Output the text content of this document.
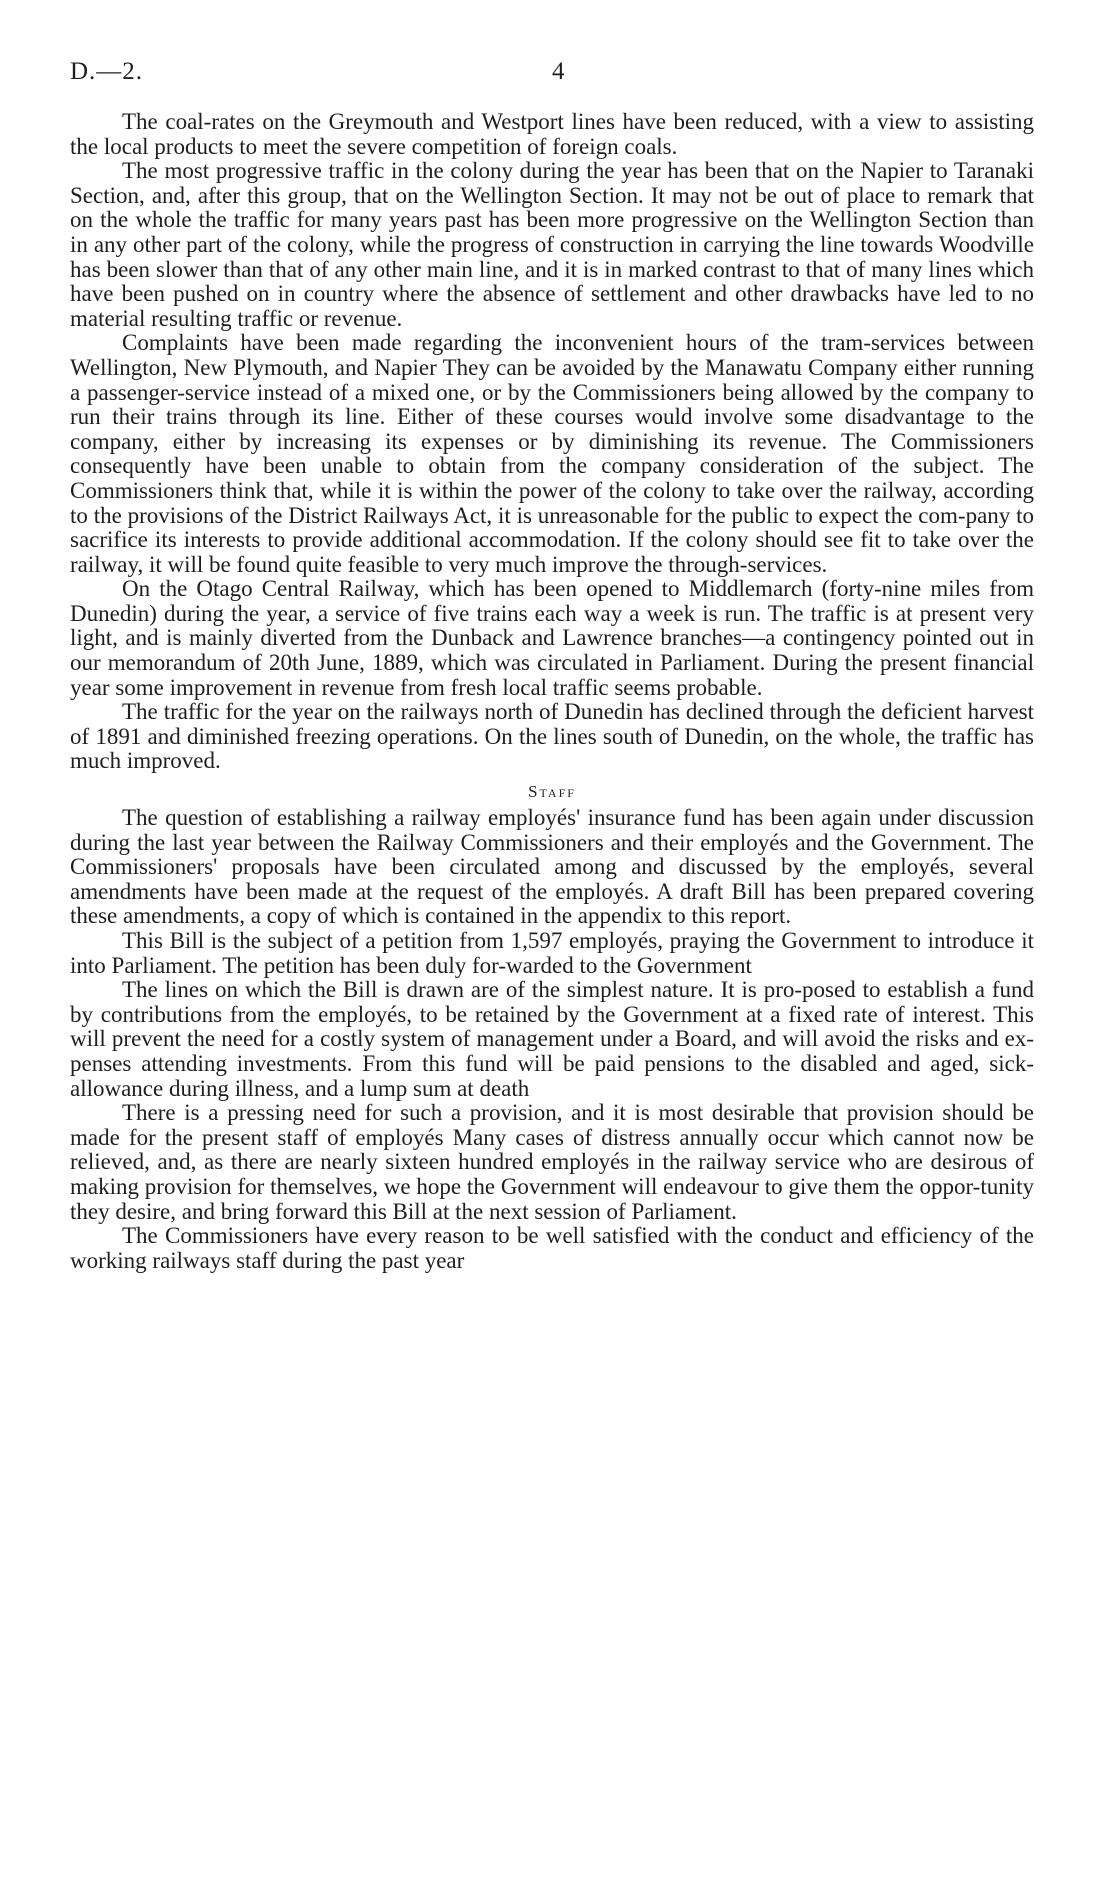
D.—2.	4

The coal-rates on the Greymouth and Westport lines have been reduced, with a view to assisting the local products to meet the severe competition of foreign coals.

The most progressive traffic in the colony during the year has been that on the Napier to Taranaki Section, and, after this group, that on the Wellington Section. It may not be out of place to remark that on the whole the traffic for many years past has been more progressive on the Wellington Section than in any other part of the colony, while the progress of construction in carrying the line towards Woodville has been slower than that of any other main line, and it is in marked contrast to that of many lines which have been pushed on in country where the absence of settlement and other drawbacks have led to no material resulting traffic or revenue.

Complaints have been made regarding the inconvenient hours of the tram-services between Wellington, New Plymouth, and Napier They can be avoided by the Manawatu Company either running a passenger-service instead of a mixed one, or by the Commissioners being allowed by the company to run their trains through its line. Either of these courses would involve some disadvantage to the company, either by increasing its expenses or by diminishing its revenue. The Commissioners consequently have been unable to obtain from the company consideration of the subject. The Commissioners think that, while it is within the power of the colony to take over the railway, according to the provisions of the District Railways Act, it is unreasonable for the public to expect the com-pany to sacrifice its interests to provide additional accommodation. If the colony should see fit to take over the railway, it will be found quite feasible to very much improve the through-services.

On the Otago Central Railway, which has been opened to Middlemarch (forty-nine miles from Dunedin) during the year, a service of five trains each way a week is run. The traffic is at present very light, and is mainly diverted from the Dunback and Lawrence branches—a contingency pointed out in our memorandum of 20th June, 1889, which was circulated in Parliament. During the present financial year some improvement in revenue from fresh local traffic seems probable.

The traffic for the year on the railways north of Dunedin has declined through the deficient harvest of 1891 and diminished freezing operations. On the lines south of Dunedin, on the whole, the traffic has much improved.

Staff

The question of establishing a railway employés' insurance fund has been again under discussion during the last year between the Railway Commissioners and their employés and the Government. The Commissioners' proposals have been circulated among and discussed by the employés, several amendments have been made at the request of the employés. A draft Bill has been prepared covering these amendments, a copy of which is contained in the appendix to this report.

This Bill is the subject of a petition from 1,597 employés, praying the Government to introduce it into Parliament. The petition has been duly for-warded to the Government

The lines on which the Bill is drawn are of the simplest nature. It is pro-posed to establish a fund by contributions from the employés, to be retained by the Government at a fixed rate of interest. This will prevent the need for a costly system of management under a Board, and will avoid the risks and ex-penses attending investments. From this fund will be paid pensions to the disabled and aged, sick-allowance during illness, and a lump sum at death

There is a pressing need for such a provision, and it is most desirable that provision should be made for the present staff of employés Many cases of distress annually occur which cannot now be relieved, and, as there are nearly sixteen hundred employés in the railway service who are desirous of making provision for themselves, we hope the Government will endeavour to give them the oppor-tunity they desire, and bring forward this Bill at the next session of Parliament.

The Commissioners have every reason to be well satisfied with the conduct and efficiency of the working railways staff during the past year
